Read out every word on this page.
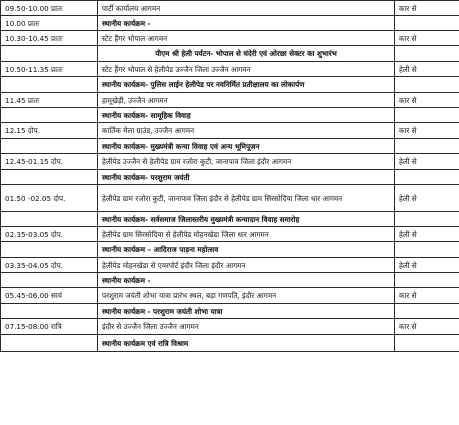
09.50-10.00 प्रातः	पार्टी कार्यालय आगमन	कार से
10.00 प्रातः	स्थानीय कार्यक्रम -	
10.30-10.45 प्रातः	स्टेट हैंगर भोपाल आगमन	कार से
	पीएम श्री हेली पर्यटन- भोपाल से चंदेरी एवं ओरछा सेक्टर का शुभारंभ	
10.50-11.35 प्रातः	स्टेट हैंगर भोपाल से हेलीपेड उज्जैन जिला उज्जैन आगमन	हेली से
	स्थानीय कार्यक्रम- पुलिस लाईन हेलीपेड पर नवनिर्मित प्रतीक्षालय का लोकार्पण	
11.45 प्रातः	हामूखेड़ी, उज्जैन आगमन	कार से
	स्थानीय कार्यक्रम- सामूहिक विवाह	
12.15 दोप.	कार्तिक मेला ग्राउंड, उज्जैन आगमन	कार से
	स्थानीय कार्यक्रम- मुख्यमंत्री कन्या विवाह एवं अन्य भूमिपूजन	
12.45-01.15 दोप.	हेलीपेड उज्जैन से हेलीपेड ग्राम रजोरा कुटी, जानापाव जिला इंदौर आगमन	हेली से
	स्थानीय कार्यक्रम- परशुराम जयंती	
01.50 -02.05 दोप.	हेलीपेड ग्राम रजोरा कुटी, जानापाव जिला इंदौर से हेलीपेड ग्राम सिरसोदिया जिला धार आगमन	हेली से
	स्थानीय कार्यक्रम- सर्वसमाज जिलास्तरीय मुख्यमंत्री कन्यादान विवाह समारोह	
02.35-03.05 दोप.	हेलीपेड ग्राम सिरसोदिया से हेलीपेड मोहनखेडा जिला धार आगमन	हेली से
	स्थानीय कार्यक्रम – आदिराज पाड़ना महोत्सव	
03.35-04.05 दोप.	हेलीपेड मोहनखेडा से एयरपोर्ट इंदौर जिला इंदौर आगमन	हेली से
	स्थानीय कार्यक्रम -	
05.45-06.00 सायं	परशुराम जयंती शोभा यात्रा प्रारंभ स्थल, बड़ा गणपति, इंदौर आगमन	कार से
	स्थानीय कार्यक्रम - परशुराम जयंती शोभा यात्रा	
07.15-08.00 रात्रि	इंदौर से उज्जैन जिला उज्जैन आगमन	कार से
	स्थानीय कार्यक्रम एवं रात्रि विश्राम	
